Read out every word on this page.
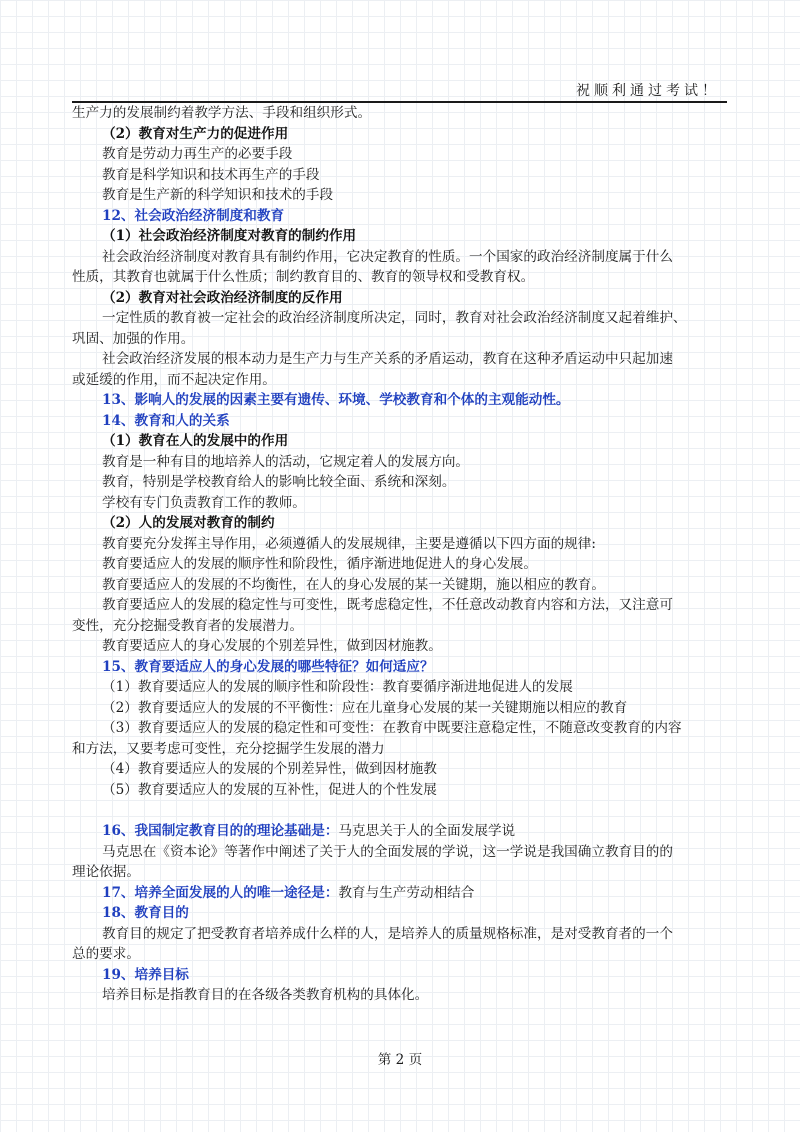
祝顺利通过考试！
生产力的发展制约着教学方法、手段和组织形式。
（2）教育对生产力的促进作用
教育是劳动力再生产的必要手段
教育是科学知识和技术再生产的手段
教育是生产新的科学知识和技术的手段
12、社会政治经济制度和教育
（1）社会政治经济制度对教育的制约作用
社会政治经济制度对教育具有制约作用，它决定教育的性质。一个国家的政治经济制度属于什么
性质，其教育也就属于什么性质；制约教育目的、教育的领导权和受教育权。
（2）教育对社会政治经济制度的反作用
一定性质的教育被一定社会的政治经济制度所决定，同时，教育对社会政治经济制度又起着维护、
巩固、加强的作用。
社会政治经济发展的根本动力是生产力与生产关系的矛盾运动，教育在这种矛盾运动中只起加速
或延缓的作用，而不起决定作用。
13、影响人的发展的因素主要有遗传、环境、学校教育和个体的主观能动性。
14、教育和人的关系
（1）教育在人的发展中的作用
教育是一种有目的地培养人的活动，它规定着人的发展方向。
教育，特别是学校教育给人的影响比较全面、系统和深刻。
学校有专门负责教育工作的教师。
（2）人的发展对教育的制约
教育要充分发挥主导作用，必须遵循人的发展规律，主要是遵循以下四方面的规律:
教育要适应人的发展的顺序性和阶段性，循序渐进地促进人的身心发展。
教育要适应人的发展的不均衡性，在人的身心发展的某一关键期，施以相应的教育。
教育要适应人的发展的稳定性与可变性，既考虑稳定性，不任意改动教育内容和方法，又注意可
变性，充分挖掘受教育者的发展潜力。
教育要适应人的身心发展的个别差异性，做到因材施教。
15、教育要适应人的身心发展的哪些特征？如何适应？
（1）教育要适应人的发展的顺序性和阶段性：教育要循序渐进地促进人的发展
（2）教育要适应人的发展的不平衡性：应在儿童身心发展的某一关键期施以相应的教育
（3）教育要适应人的发展的稳定性和可变性：在教育中既要注意稳定性，不随意改变教育的内容
和方法，又要考虑可变性，充分挖掘学生发展的潜力
（4）教育要适应人的发展的个别差异性，做到因材施教
（5）教育要适应人的发展的互补性，促进人的个性发展
16、我国制定教育目的的理论基础是：马克思关于人的全面发展学说
马克思在《资本论》等著作中阐述了关于人的全面发展的学说，这一学说是我国确立教育目的的
理论依据。
17、培养全面发展的人的唯一途径是：教育与生产劳动相结合
18、教育目的
教育目的规定了把受教育者培养成什么样的人，是培养人的质量规格标准，是对受教育者的一个
总的要求。
19、培养目标
培养目标是指教育目的在各级各类教育机构的具体化。
第 2 页
